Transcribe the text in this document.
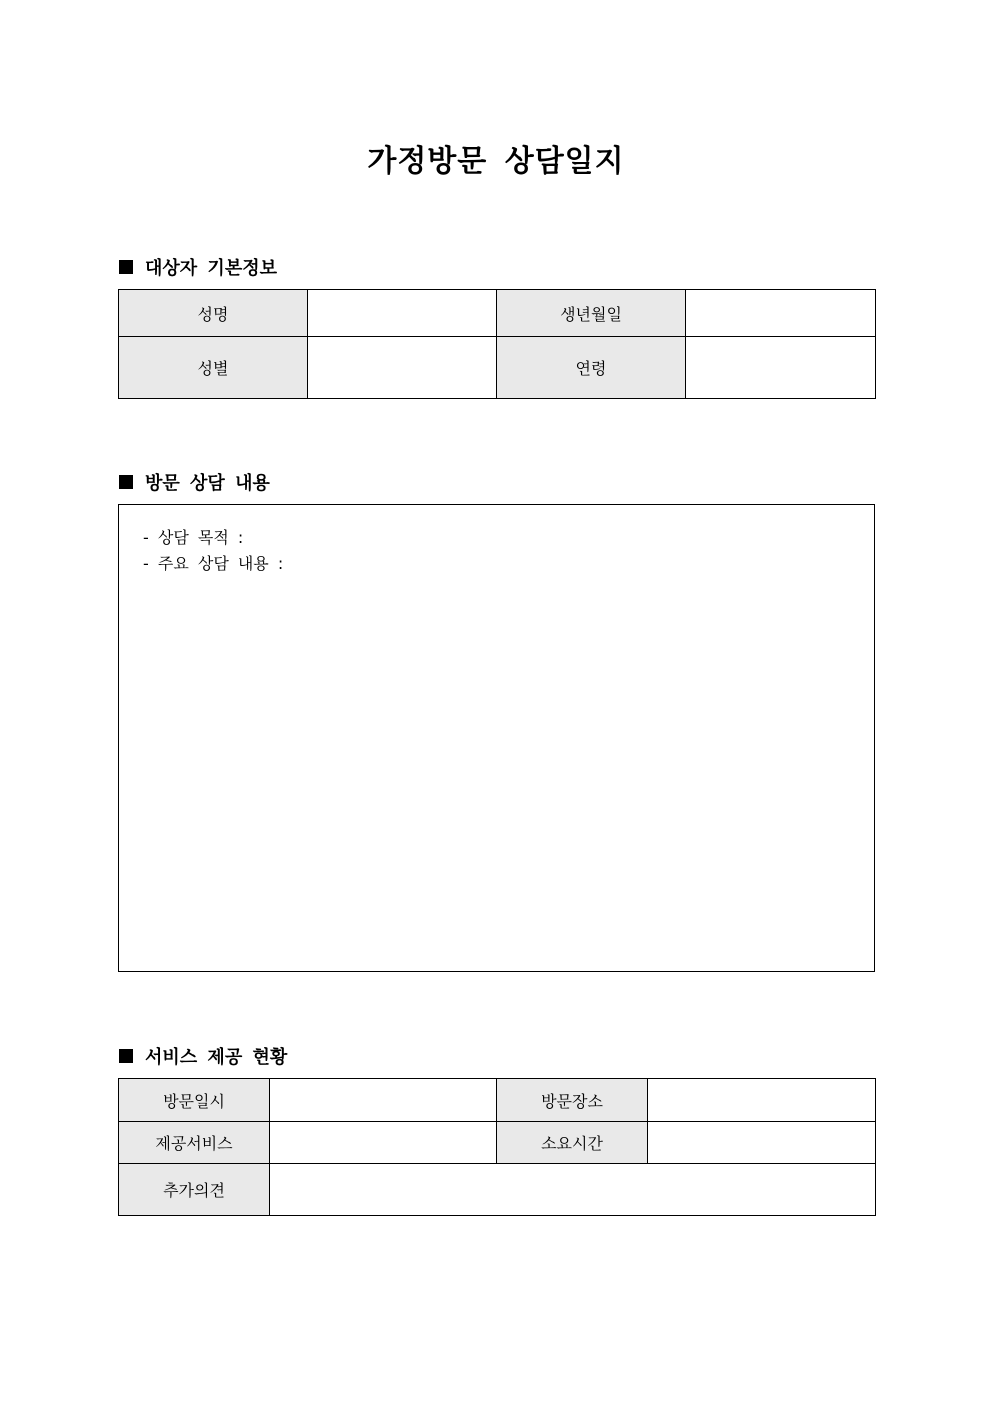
가정방문 상담일지
대상자 기본정보
성명		생년월일	
성별		연령	
방문 상담 내용
- 상담 목적 :
- 주요 상담 내용 :
서비스 제공 현황
방문일시		방문장소	
제공서비스		소요시간	
추가의견			
